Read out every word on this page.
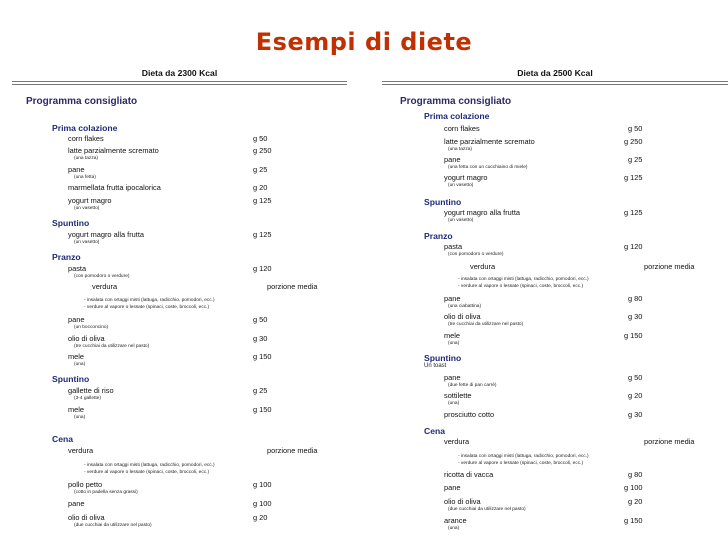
Esempi di diete
Dieta da 2300 Kcal
Programma consigliato
Prima colazione
corn flakes	g 50
latte parzialmente scremato	g 250
(una tazza)
pane	g 25
(una fetta)
marmellata frutta ipocalorica	g 20
yogurt magro	g 125
(un vasetto)
Spuntino
yogurt magro alla frutta	g 125
(un vasetto)
Pranzo
pasta	g 120
(con pomodoro o verdure)
verdura	porzione media
- insalata con ortaggi misti (lattuga, radicchio, pomodori, ecc.)
- verdure al vapore o lessate (spinaci, coste, broccoli, ecc.)
pane	g 50
(un bocconcino)
olio di oliva	g 30
(tre cucchiai da utilizzare nel pasto)
mele	g 150
(una)
Spuntino
gallette di riso	g 25
(3-4 gallette)
mele	g 150
(una)
Cena
verdura	porzione media
- insalata con ortaggi misti (lattuga, radicchio, pomodori, ecc.)
- verdure al vapore o lessate (spinaci, coste, broccoli, ecc.)
pollo petto	g 100
(cotto in padella senza grassi)
pane	g 100
olio di oliva	g 20
(due cucchiai da utilizzare nel pasto)
Dieta da 2500 Kcal
Programma consigliato
Prima colazione
corn flakes	g 50
latte parzialmente scremato	g 250
(una tazza)
pane	g 25
(una fetta con un cucchiaino di miele)
yogurt magro	g 125
(un vasetto)
Spuntino
yogurt magro alla frutta	g 125
(un vasetto)
Pranzo
pasta	g 120
(con pomodoro o verdure)
verdura	porzione media
- insalata con ortaggi misti (lattuga, radicchio, pomodori, ecc.)
- verdure al vapore o lessate (spinaci, coste, broccoli, ecc.)
pane	g 80
(una ciabattina)
olio di oliva	g 30
(tre cucchiai da utilizzare nel pasto)
mele	g 150
(una)
Spuntino
Un toast
pane	g 50
(due fette di pan carrè)
sottilette	g 20
(una)
prosciutto cotto	g 30
Cena
verdura	porzione media
- insalata con ortaggi misti (lattuga, radicchio, pomodori, ecc.)
- verdure al vapore o lessate (spinaci, coste, broccoli, ecc.)
ricotta di vacca	g 80
pane	g 100
olio di oliva	g 20
(due cucchiai da utilizzare nel pasto)
arance	g 150
(una)
